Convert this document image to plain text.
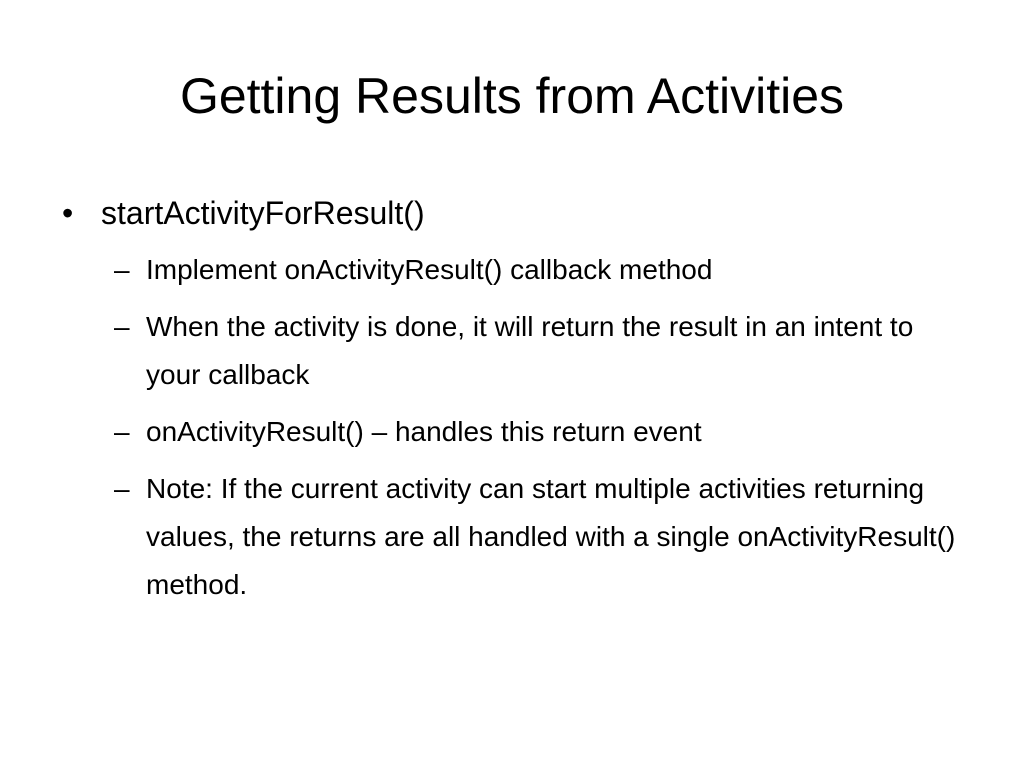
Getting Results from Activities
• startActivityForResult()
– Implement onActivityResult() callback method
– When the activity is done, it will return the result in an intent to your callback
– onActivityResult() – handles this return event
– Note: If the current activity can start multiple activities returning values, the returns are all handled with a single onActivityResult() method.
